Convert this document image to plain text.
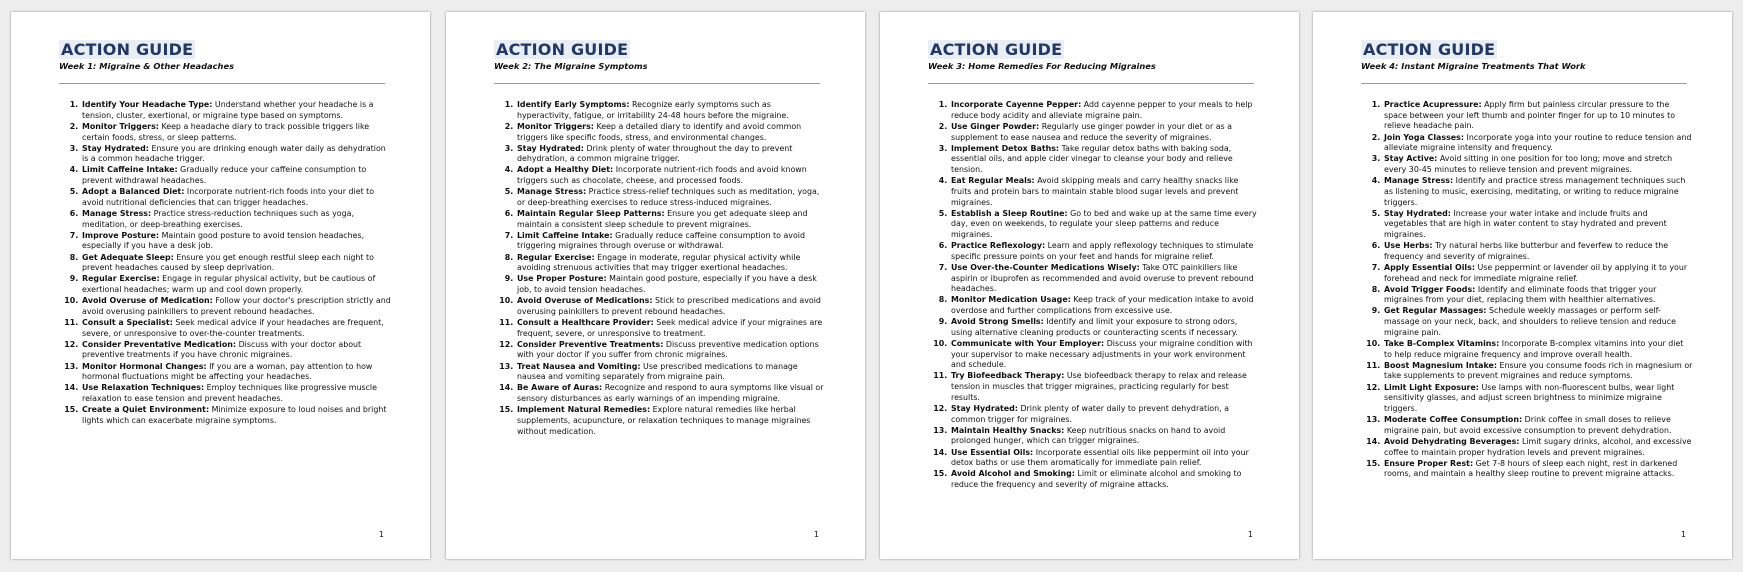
ACTION GUIDE
Week 1: Migraine & Other Headaches
1. Identify Your Headache Type: Understand whether your headache is a tension, cluster, exertional, or migraine type based on symptoms.
2. Monitor Triggers: Keep a headache diary to track possible triggers like certain foods, stress, or sleep patterns.
3. Stay Hydrated: Ensure you are drinking enough water daily as dehydration is a common headache trigger.
4. Limit Caffeine Intake: Gradually reduce your caffeine consumption to prevent withdrawal headaches.
5. Adopt a Balanced Diet: Incorporate nutrient-rich foods into your diet to avoid nutritional deficiencies that can trigger headaches.
6. Manage Stress: Practice stress-reduction techniques such as yoga, meditation, or deep-breathing exercises.
7. Improve Posture: Maintain good posture to avoid tension headaches, especially if you have a desk job.
8. Get Adequate Sleep: Ensure you get enough restful sleep each night to prevent headaches caused by sleep deprivation.
9. Regular Exercise: Engage in regular physical activity, but be cautious of exertional headaches; warm up and cool down properly.
10. Avoid Overuse of Medication: Follow your doctor's prescription strictly and avoid overusing painkillers to prevent rebound headaches.
11. Consult a Specialist: Seek medical advice if your headaches are frequent, severe, or unresponsive to over-the-counter treatments.
12. Consider Preventative Medication: Discuss with your doctor about preventive treatments if you have chronic migraines.
13. Monitor Hormonal Changes: If you are a woman, pay attention to how hormonal fluctuations might be affecting your headaches.
14. Use Relaxation Techniques: Employ techniques like progressive muscle relaxation to ease tension and prevent headaches.
15. Create a Quiet Environment: Minimize exposure to loud noises and bright lights which can exacerbate migraine symptoms.
1
ACTION GUIDE
Week 2: The Migraine Symptoms
1. Identify Early Symptoms: Recognize early symptoms such as hyperactivity, fatigue, or irritability 24-48 hours before the migraine.
2. Monitor Triggers: Keep a detailed diary to identify and avoid common triggers like specific foods, stress, and environmental changes.
3. Stay Hydrated: Drink plenty of water throughout the day to prevent dehydration, a common migraine trigger.
4. Adopt a Healthy Diet: Incorporate nutrient-rich foods and avoid known triggers such as chocolate, cheese, and processed foods.
5. Manage Stress: Practice stress-relief techniques such as meditation, yoga, or deep-breathing exercises to reduce stress-induced migraines.
6. Maintain Regular Sleep Patterns: Ensure you get adequate sleep and maintain a consistent sleep schedule to prevent migraines.
7. Limit Caffeine Intake: Gradually reduce caffeine consumption to avoid triggering migraines through overuse or withdrawal.
8. Regular Exercise: Engage in moderate, regular physical activity while avoiding strenuous activities that may trigger exertional headaches.
9. Use Proper Posture: Maintain good posture, especially if you have a desk job, to avoid tension headaches.
10. Avoid Overuse of Medications: Stick to prescribed medications and avoid overusing painkillers to prevent rebound headaches.
11. Consult a Healthcare Provider: Seek medical advice if your migraines are frequent, severe, or unresponsive to treatment.
12. Consider Preventive Treatments: Discuss preventive medication options with your doctor if you suffer from chronic migraines.
13. Treat Nausea and Vomiting: Use prescribed medications to manage nausea and vomiting separately from migraine pain.
14. Be Aware of Auras: Recognize and respond to aura symptoms like visual or sensory disturbances as early warnings of an impending migraine.
15. Implement Natural Remedies: Explore natural remedies like herbal supplements, acupuncture, or relaxation techniques to manage migraines without medication.
1
ACTION GUIDE
Week 3: Home Remedies For Reducing Migraines
1. Incorporate Cayenne Pepper: Add cayenne pepper to your meals to help reduce body acidity and alleviate migraine pain.
2. Use Ginger Powder: Regularly use ginger powder in your diet or as a supplement to ease nausea and reduce the severity of migraines.
3. Implement Detox Baths: Take regular detox baths with baking soda, essential oils, and apple cider vinegar to cleanse your body and relieve tension.
4. Eat Regular Meals: Avoid skipping meals and carry healthy snacks like fruits and protein bars to maintain stable blood sugar levels and prevent migraines.
5. Establish a Sleep Routine: Go to bed and wake up at the same time every day, even on weekends, to regulate your sleep patterns and reduce migraines.
6. Practice Reflexology: Learn and apply reflexology techniques to stimulate specific pressure points on your feet and hands for migraine relief.
7. Use Over-the-Counter Medications Wisely: Take OTC painkillers like aspirin or ibuprofen as recommended and avoid overuse to prevent rebound headaches.
8. Monitor Medication Usage: Keep track of your medication intake to avoid overdose and further complications from excessive use.
9. Avoid Strong Smells: Identify and limit your exposure to strong odors, using alternative cleaning products or counteracting scents if necessary.
10. Communicate with Your Employer: Discuss your migraine condition with your supervisor to make necessary adjustments in your work environment and schedule.
11. Try Biofeedback Therapy: Use biofeedback therapy to relax and release tension in muscles that trigger migraines, practicing regularly for best results.
12. Stay Hydrated: Drink plenty of water daily to prevent dehydration, a common trigger for migraines.
13. Maintain Healthy Snacks: Keep nutritious snacks on hand to avoid prolonged hunger, which can trigger migraines.
14. Use Essential Oils: Incorporate essential oils like peppermint oil into your detox baths or use them aromatically for immediate pain relief.
15. Avoid Alcohol and Smoking: Limit or eliminate alcohol and smoking to reduce the frequency and severity of migraine attacks.
1
ACTION GUIDE
Week 4: Instant Migraine Treatments That Work
1. Practice Acupressure: Apply firm but painless circular pressure to the space between your left thumb and pointer finger for up to 10 minutes to relieve headache pain.
2. Join Yoga Classes: Incorporate yoga into your routine to reduce tension and alleviate migraine intensity and frequency.
3. Stay Active: Avoid sitting in one position for too long; move and stretch every 30-45 minutes to relieve tension and prevent migraines.
4. Manage Stress: Identify and practice stress management techniques such as listening to music, exercising, meditating, or writing to reduce migraine triggers.
5. Stay Hydrated: Increase your water intake and include fruits and vegetables that are high in water content to stay hydrated and prevent migraines.
6. Use Herbs: Try natural herbs like butterbur and feverfew to reduce the frequency and severity of migraines.
7. Apply Essential Oils: Use peppermint or lavender oil by applying it to your forehead and neck for immediate migraine relief.
8. Avoid Trigger Foods: Identify and eliminate foods that trigger your migraines from your diet, replacing them with healthier alternatives.
9. Get Regular Massages: Schedule weekly massages or perform self-massage on your neck, back, and shoulders to relieve tension and reduce migraine pain.
10. Take B-Complex Vitamins: Incorporate B-complex vitamins into your diet to help reduce migraine frequency and improve overall health.
11. Boost Magnesium Intake: Ensure you consume foods rich in magnesium or take supplements to prevent migraines and reduce symptoms.
12. Limit Light Exposure: Use lamps with non-fluorescent bulbs, wear light sensitivity glasses, and adjust screen brightness to minimize migraine triggers.
13. Moderate Coffee Consumption: Drink coffee in small doses to relieve migraine pain, but avoid excessive consumption to prevent dehydration.
14. Avoid Dehydrating Beverages: Limit sugary drinks, alcohol, and excessive coffee to maintain proper hydration levels and prevent migraines.
15. Ensure Proper Rest: Get 7-8 hours of sleep each night, rest in darkened rooms, and maintain a healthy sleep routine to prevent migraine attacks.
1
